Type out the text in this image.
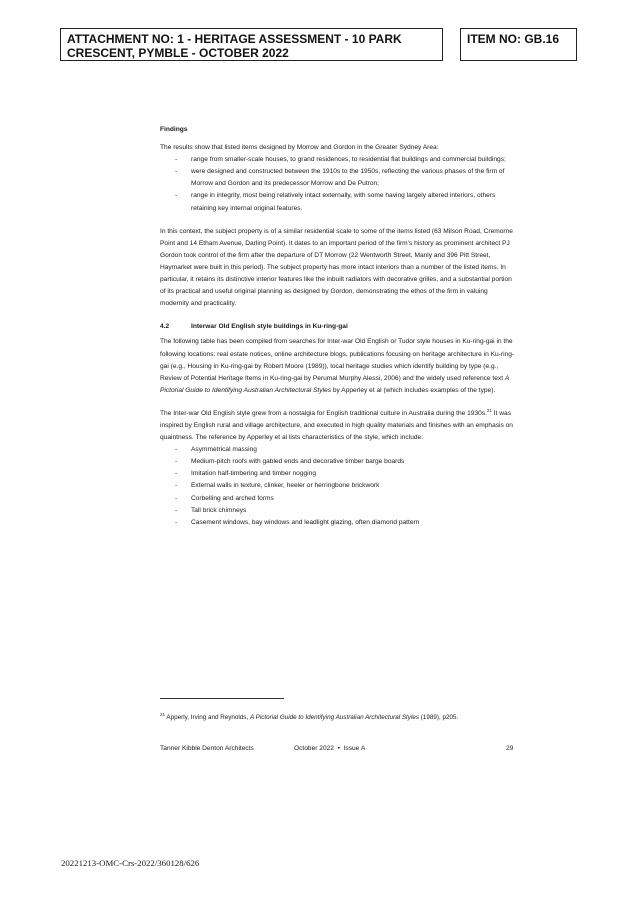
ATTACHMENT NO: 1 - HERITAGE ASSESSMENT - 10 PARK CRESCENT, PYMBLE - OCTOBER 2022
ITEM NO: GB.16

Findings

The results show that listed items designed by Morrow and Gordon in the Greater Sydney Area:

- range from smaller-scale houses, to grand residences, to residential flat buildings and commercial buildings;
- were designed and constructed between the 1910s to the 1950s, reflecting the various phases of the firm of Morrow and Gordon and its predecessor Morrow and De Putron;
- range in integrity, most being relatively intact externally, with some having largely altered interiors, others retaining key internal original features.

In this context, the subject property is of a similar residential scale to some of the items listed (63 Milson Road, Cremorne Point and 14 Etham Avenue, Darling Point). It dates to an important period of the firm’s history as prominent architect PJ Gordon took control of the firm after the departure of DT Morrow (22 Wentworth Street, Manly and 396 Pitt Street, Haymarket were built in this period). The subject property has more intact interiors than a number of the listed items. In particular, it retains its distinctive interior features like the inbuilt radiators with decorative grilles, and a substantial portion of its practical and useful original planning as designed by Gordon, demonstrating the ethos of the firm in valuing modernity and practicality.

4.2	Interwar Old English style buildings in Ku-ring-gai

The following table has been compiled from searches for Inter-war Old English or Tudor style houses in Ku-ring-gai in the following locations: real estate notices, online architecture blogs, publications focusing on heritage architecture in Ku-ring-gai (e.g., Housing in Ku-ring-gai by Robert Moore (1989)), local heritage studies which identify building by type (e.g., Review of Potential Heritage Items in Ku-ring-gai by Perumal Murphy Alessi, 2006) and the widely used reference text A Pictorial Guide to Identifying Australian Architectural Styles by Apperley et al (which includes examples of the type).

The Inter-war Old English style grew from a nostalgia for English traditional culture in Australia during the 1930s.$^{21}$ It was inspired by English rural and village architecture, and executed in high quality materials and finishes with an emphasis on quaintness. The reference by Apperley et al lists characteristics of the style, which include:

- Asymmetrical massing
- Medium-pitch roofs with gabled ends and decorative timber barge boards
- Imitation half-timbering and timber nogging
- External walls in texture, clinker, heeler or herringbone brickwork
- Corbelling and arched forms
- Tall brick chimneys
- Casement windows, bay windows and leadlight glazing, often diamond pattern
$^{21}$ Apperly, Irving and Reynolds, A Pictorial Guide to Identifying Australian Architectural Styles (1989), p205.
Tanner Kibble Denton Architects	October 2022  •  Issue A	29
20221213-OMC-Crs-2022/360128/626
